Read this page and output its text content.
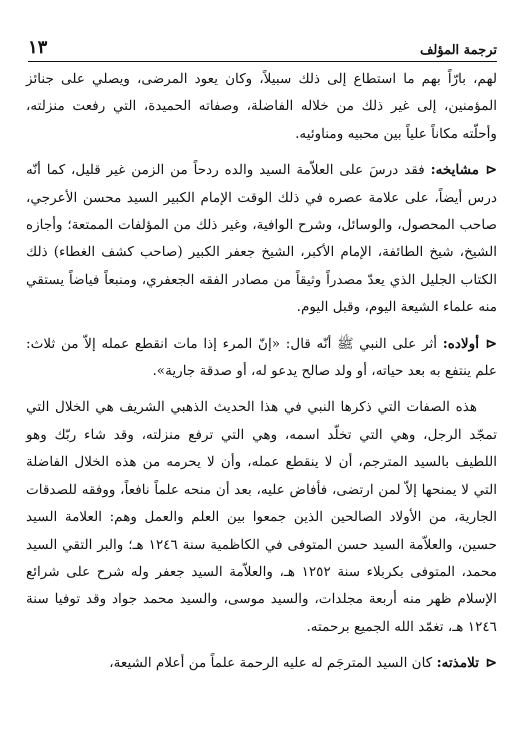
ترجمة المؤلف
١٣

لهم، بارّاً بهم ما استطاع إلى ذلك سبيلاً، وكان يعود المرضى، ويصلي على جنائز المؤمنين، إلى غير ذلك من خلاله الفاضلة، وصفاته الحميدة، التي رفعت منزلته، وأحلّته مكاناً علياً بين محبيه ومناوئيه.

⊲مشايخه: فقد درسَ على العلاّمة السيد والده ردحاً من الزمن غير قليل، كما أنّه درس أيضاً، على علامة عصره في ذلك الوقت الإمام الكبير السيد محسن الأعرجي، صاحب المحصول، والوسائل، وشرح الوافية، وغير ذلك من المؤلفات الممتعة؛ وأجازه الشيخ، شيخ الطائفة، الإمام الأكبر، الشيخ جعفر الكبير (صاحب كشف الغطاء) ذلك الكتاب الجليل الذي يعدّ مصدراً وثيقاً من مصادر الفقه الجعفري، ومنبعاً فياضاً يستقي منه علماء الشيعة اليوم، وقبل اليوم.

⊲أولاده: أثر على النبي ﷺ أنّه قال: «إنّ المرء إذا مات انقطع عمله إلاّ من ثلاث: علم ينتفع به بعد حياته، أو ولد صالح يدعو له، أو صدقة جارية».

هذه الصفات التي ذكرها النبي في هذا الحديث الذهبي الشريف هي الخلال التي تمجّد الرجل، وهي التي تخلّد اسمه، وهي التي ترفع منزلته، وقد شاء ربّك وهو اللطيف بالسيد المترجم، أن لا ينقطع عمله، وأن لا يحرمه من هذه الخلال الفاضلة التي لا يمنحها إلاّ لمن ارتضى، فأفاض عليه، بعد أن منحه علماً نافعاً، ووفقه للصدقات الجارية، من الأولاد الصالحين الذين جمعوا بين العلم والعمل وهم: العلامة السيد حسين، والعلاّمة السيد حسن المتوفى في الكاظمية سنة ١٢٤٦ هـ؛ والبر التقي السيد محمد، المتوفى بكربلاء سنة ١٢٥٢ هـ، والعلاّمة السيد جعفر وله شرح على شرائع الإسلام ظهر منه أربعة مجلدات، والسيد موسى، والسيد محمد جواد وقد توفيا سنة ١٢٤٦ هـ، تغمّد الله الجميع برحمته.

⊲تلامذته: كان السيد المترجَم له عليه الرحمة علماً من أعلام الشيعة،
